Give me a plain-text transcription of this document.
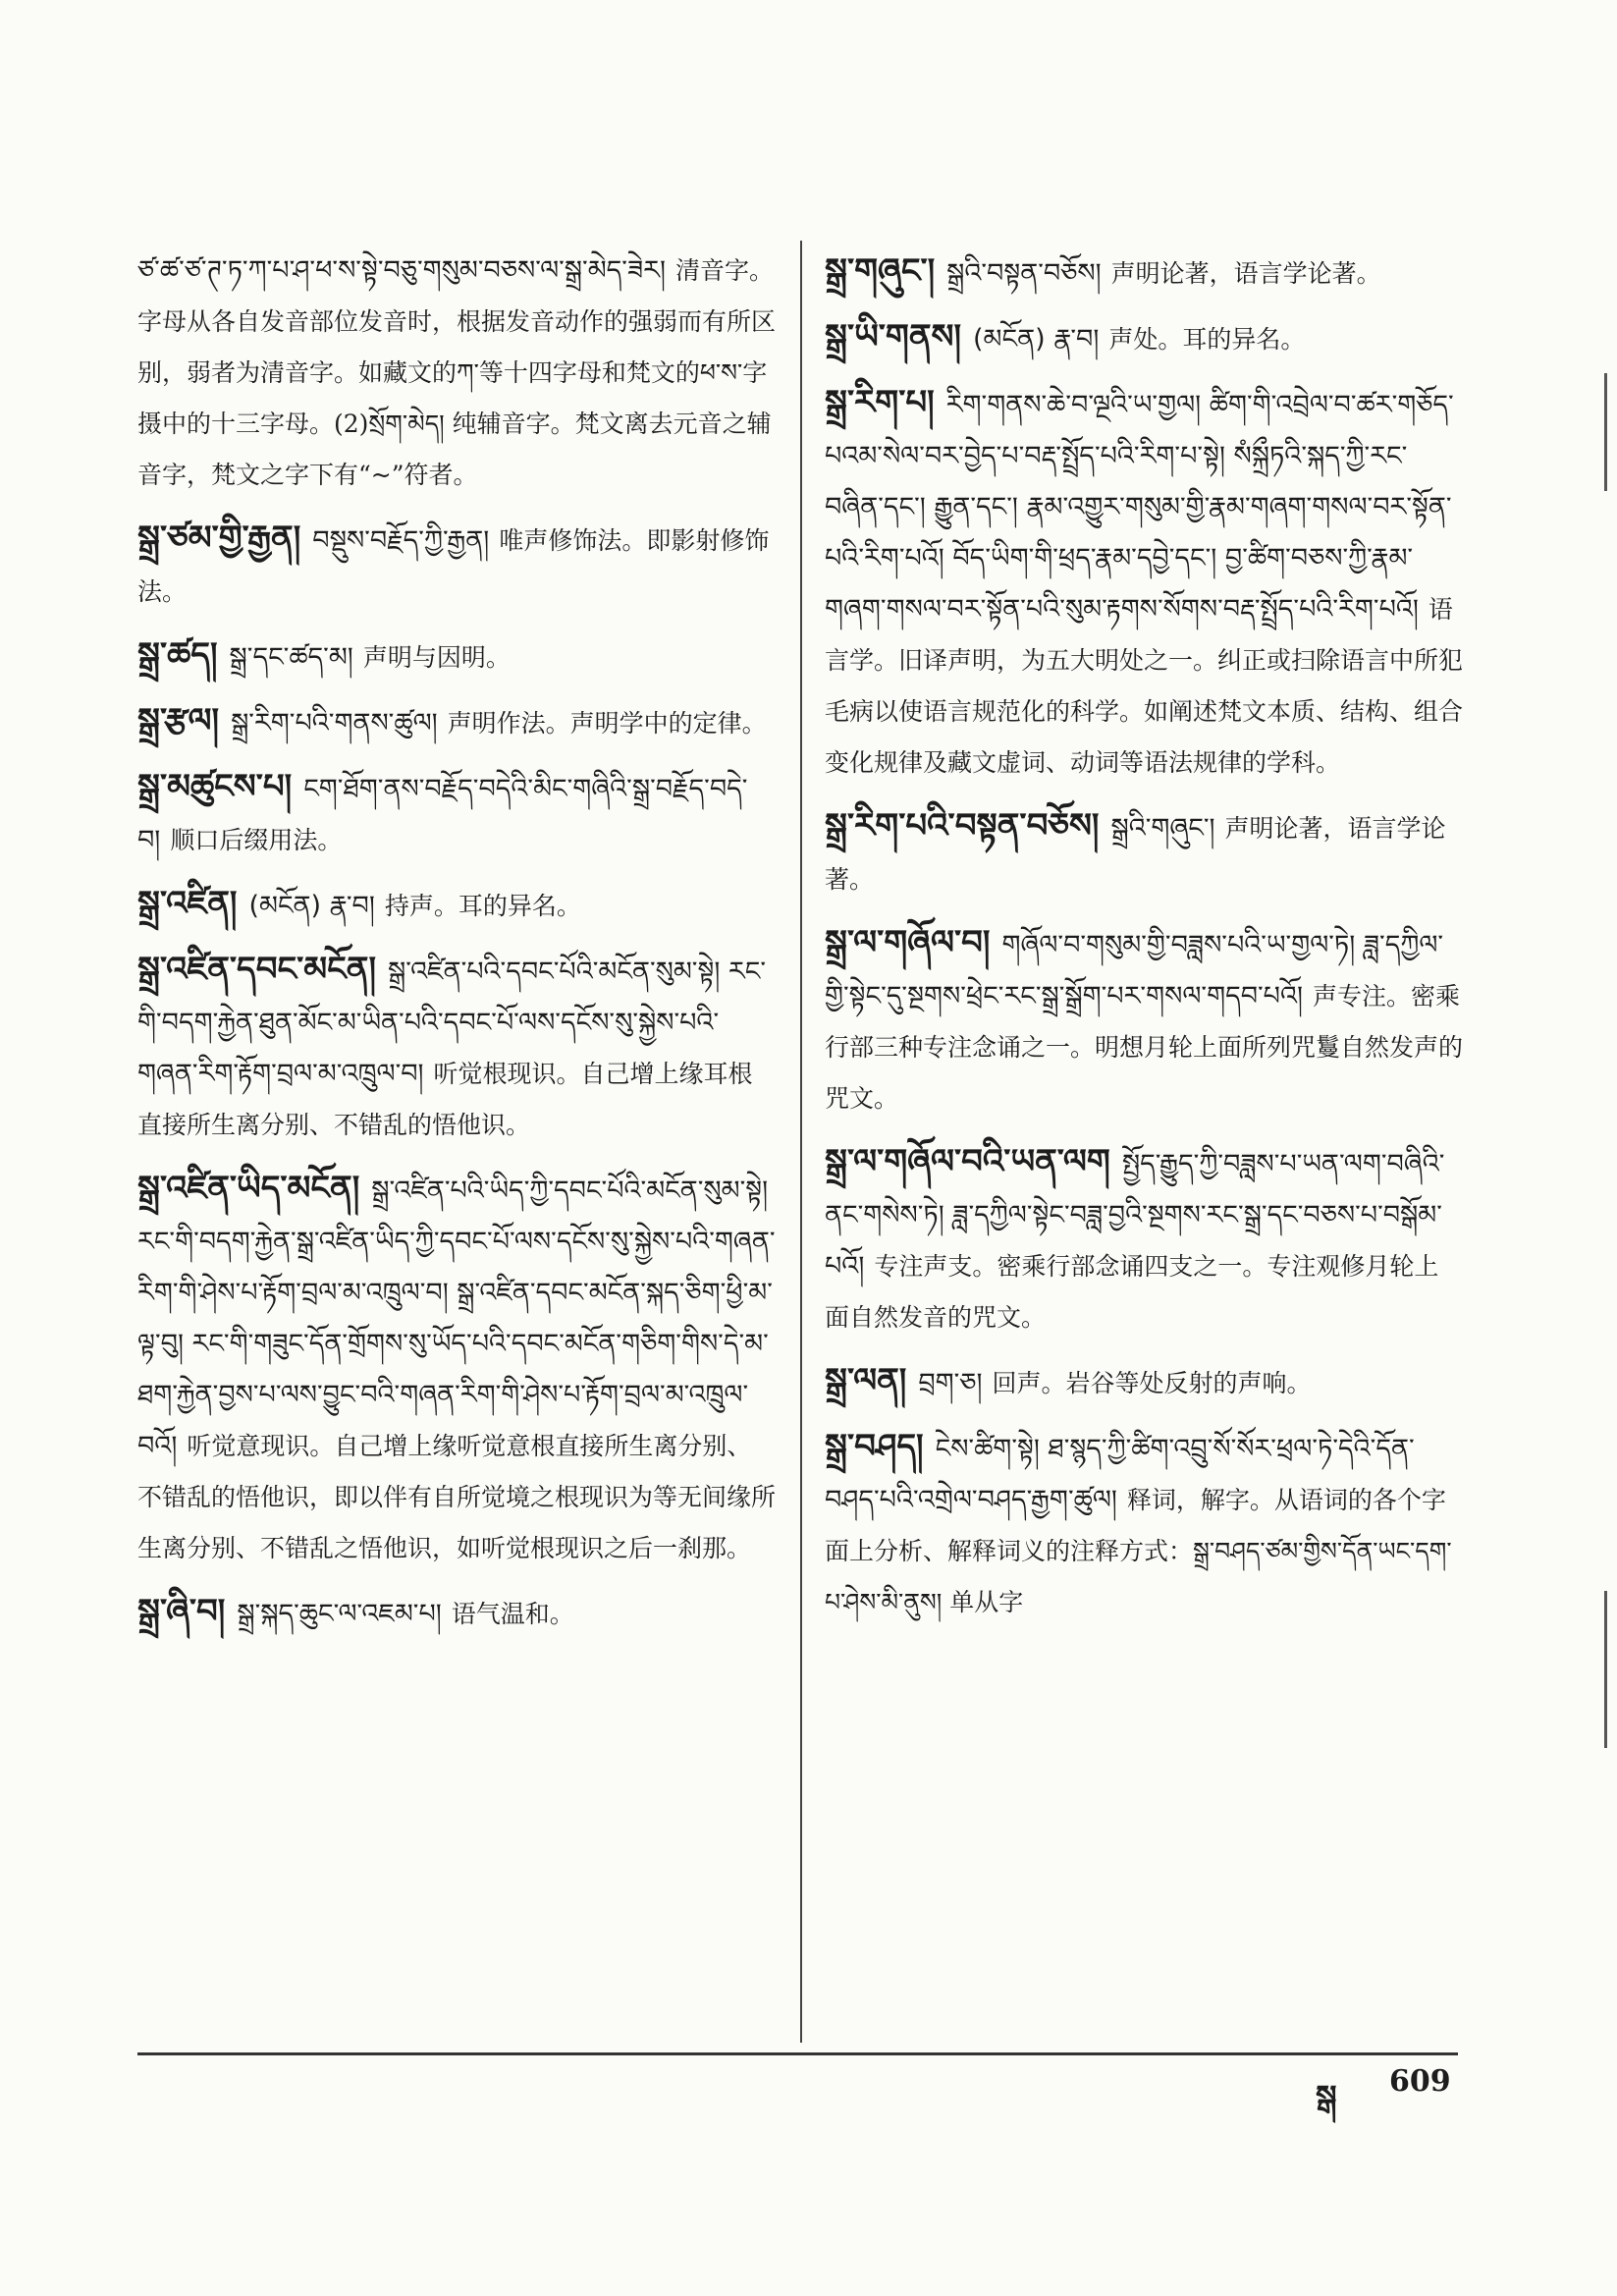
ཙ་ཚ་ཙ་ཊ་ཏ་ཀ་པ་ཤ་ཕ་ས་སྟེ་བཅུ་གསུམ་བཅས་ལ་སྒྲ་མེད་ཟེར། 清音字。字母从各自发音部位发音时，根据发音动作的强弱而有所区别，弱者为清音字。如藏文的ཀ་等十四字母和梵文的ཕ་ས་字摄中的十三字母。(2)སྲོག་མེད། 纯辅音字。梵文离去元音之辅音字，梵文之字下有“~”符者。
སྒྲ་ཙམ་གྱི་རྒྱན། བསྡུས་བརྗོད་ཀྱི་རྒྱན། 唯声修饰法。即影射修饰法。
སྒྲ་ཚད། སྒྲ་དང་ཚད་མ། 声明与因明。
སྒྲ་རྩལ། སྒྲ་རིག་པའི་གནས་ཚུལ། 声明作法。声明学中的定律。
སྒྲ་མཚུངས་པ། ངག་ཐོག་ནས་བརྗོད་བདེའི་མིང་གཞིའི་སྒྲ་བརྗོད་བདེ་བ། 顺口后缀用法。
སྒྲ་འཛིན། (མངོན) རྣ་བ། 持声。耳的异名。
སྒྲ་འཛིན་དབང་མངོན། སྒྲ་འཛིན་པའི་དབང་པོའི་མངོན་སུམ་སྟེ། རང་གི་བདག་རྐྱེན་ཐུན་མོང་མ་ཡིན་པའི་དབང་པོ་ལས་དངོས་སུ་སྐྱེས་པའི་གཞན་རིག་རྟོག་བྲལ་མ་འཁྲུལ་བ། 听觉根现识。自己增上缘耳根直接所生离分别、不错乱的悟他识。
སྒྲ་འཛིན་ཡིད་མངོན། སྒྲ་འཛིན་པའི་ཡིད་ཀྱི་དབང་པོའི་མངོན་སུམ་སྟེ། རང་གི་བདག་རྐྱེན་སྒྲ་འཛིན་ཡིད་ཀྱི་དབང་པོ་ལས་དངོས་སུ་སྐྱེས་པའི་གཞན་རིག་གི་ཤེས་པ་རྟོག་བྲལ་མ་འཁྲུལ་བ། སྒྲ་འཛིན་དབང་མངོན་སྐད་ཅིག་ཕྱི་མ་ལྟ་བུ། རང་གི་གཟུང་དོན་གྲོགས་སུ་ཡོད་པའི་དབང་མངོན་གཅིག་གིས་དེ་མ་ཐག་རྐྱེན་བྱས་པ་ལས་བྱུང་བའི་གཞན་རིག་གི་ཤེས་པ་རྟོག་བྲལ་མ་འཁྲུལ་བའོ། 听觉意现识。自己增上缘听觉意根直接所生离分别、不错乱的悟他识，即以伴有自所觉境之根现识为等无间缘所生离分别、不错乱之悟他识，如听觉根现识之后一刹那。
སྒྲ་ཞི་བ། སྒྲ་སྐད་ཆུང་ལ་འཇམ་པ། 语气温和。
སྒྲ་གཞུང་། སྒྲའི་བསྟན་བཅོས། 声明论著，语言学论著。
སྒྲ་ཡི་གནས། (མངོན) རྣ་བ། 声处。耳的异名。
སྒྲ་རིག་པ། རིག་གནས་ཆེ་བ་ལྔའི་ཡ་གྱལ། ཚིག་གི་འབྲེལ་བ་ཚར་གཅོད་པའམ་སེལ་བར་བྱེད་པ་བརྡ་སྤྲོད་པའི་རིག་པ་སྟེ། སཾསྐྲྀཏའི་སྐད་ཀྱི་རང་བཞིན་དང་། རྒྱུན་དང་། རྣམ་འགྱུར་གསུམ་གྱི་རྣམ་གཞག་གསལ་བར་སྟོན་པའི་རིག་པའོ། བོད་ཡིག་གི་ཕྲད་རྣམ་དབྱེ་དང་། བྱ་ཚིག་བཅས་ཀྱི་རྣམ་གཞག་གསལ་བར་སྟོན་པའི་སུམ་རྟགས་སོགས་བརྡ་སྤྲོད་པའི་རིག་པའོ། 语言学。旧译声明，为五大明处之一。纠正或扫除语言中所犯毛病以使语言规范化的科学。如阐述梵文本质、结构、组合变化规律及藏文虚词、动词等语法规律的学科。
སྒྲ་རིག་པའི་བསྟན་བཅོས། སྒྲའི་གཞུང་། 声明论著，语言学论著。
སྒྲ་ལ་གཞོལ་བ། གཞོལ་བ་གསུམ་གྱི་བཟླས་པའི་ཡ་གྱལ་ཏེ། ཟླ་དཀྱིལ་གྱི་སྟེང་དུ་སྔགས་ཕྲེང་རང་སྒྲ་སྒྲོག་པར་གསལ་གདབ་པའོ། 声专注。密乘行部三种专注念诵之一。明想月轮上面所列咒鬘自然发声的咒文。
སྒྲ་ལ་གཞོལ་བའི་ཡན་ལག སྤྱོད་རྒྱུད་ཀྱི་བཟླས་པ་ཡན་ལག་བཞིའི་ནང་གསེས་ཏེ། ཟླ་དཀྱིལ་སྟེང་བཟླ་བྱའི་སྔགས་རང་སྒྲ་དང་བཅས་པ་བསྒོམ་པའོ། 专注声支。密乘行部念诵四支之一。专注观修月轮上面自然发音的咒文。
སྒྲ་ལན། བྲག་ཅ། 回声。岩谷等处反射的声响。
སྒྲ་བཤད། ངེས་ཚིག་སྟེ། ཐ་སྙད་ཀྱི་ཚིག་འབྲུ་སོ་སོར་ཕྲལ་ཏེ་དེའི་དོན་བཤད་པའི་འགྲེལ་བཤད་རྒྱག་ཚུལ། 释词，解字。从语词的各个字面上分析、解释词义的注释方式：སྒྲ་བཤད་ཙམ་གྱིས་དོན་ཡང་དག་པ་ཤེས་མི་ནུས། 单从字
སྒ 609
